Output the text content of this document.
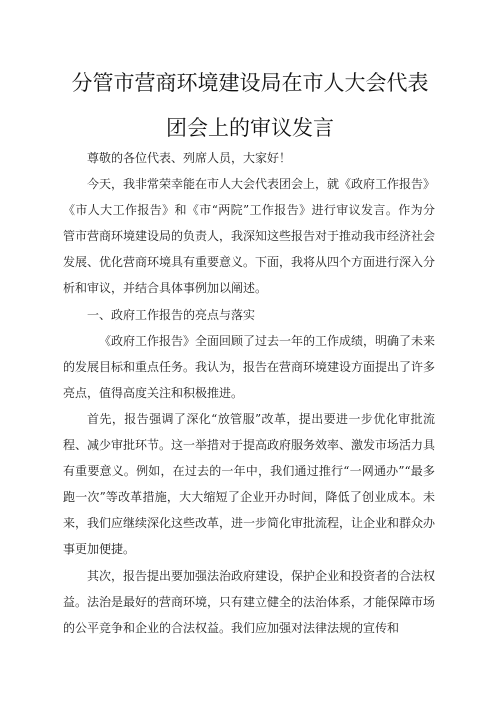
分管市营商环境建设局在市人大会代表
团会上的审议发言

尊敬的各位代表、列席人员，大家好！

今天，我非常荣幸能在市人大会代表团会上，就《政府工作报告》

《市人大工作报告》和《市“两院”工作报告》进行审议发言。作为分管市营商环境建设局的负责人，我深知这些报告对于推动我市经济社会发展、优化营商环境具有重要意义。下面，我将从四个方面进行深入分析和审议，并结合具体事例加以阐述。

一、政府工作报告的亮点与落实

《政府工作报告》全面回顾了过去一年的工作成绩，明确了未来的发展目标和重点任务。我认为，报告在营商环境建设方面提出了许多亮点，值得高度关注和积极推进。

首先，报告强调了深化“放管服”改革，提出要进一步优化审批流程、减少审批环节。这一举措对于提高政府服务效率、激发市场活力具有重要意义。例如，在过去的一年中，我们通过推行“一网通办”“最多跑一次”等改革措施，大大缩短了企业开办时间，降低了创业成本。未来，我们应继续深化这些改革，进一步简化审批流程，让企业和群众办事更加便捷。

其次，报告提出要加强法治政府建设，保护企业和投资者的合法权益。法治是最好的营商环境，只有建立健全的法治体系，才能保障市场的公平竞争和企业的合法权益。我们应加强对法律法规的宣传和
